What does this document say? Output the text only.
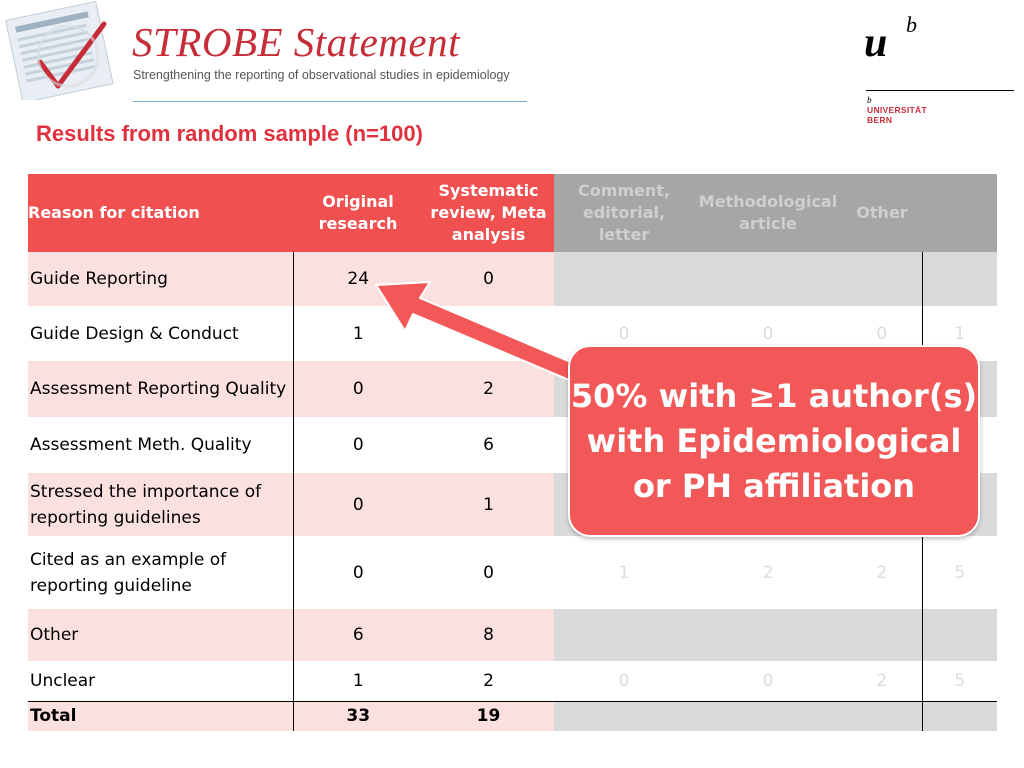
STROBE Statement
Strengthening the reporting of observational studies in epidemiology
u b
b
UNIVERSITÄT
BERN
Results from random sample (n=100)
Reason for citation	Original research	Systematic review, Meta analysis	Comment, editorial, letter	Methodological article	Other	
Guide Reporting	24	0				
Guide Design & Conduct	1		0	0	0	1
Assessment Reporting Quality	0	2				
Assessment Meth. Quality	0	6				
Stressed the importance of reporting guidelines	0	1				
Cited as an example of reporting guideline	0	0	1	2	2	5
Other	6	8				
Unclear	1	2	0	0	2	5
Total	33	19				
50% with ≥1 author(s) with Epidemiological or PH affiliation
